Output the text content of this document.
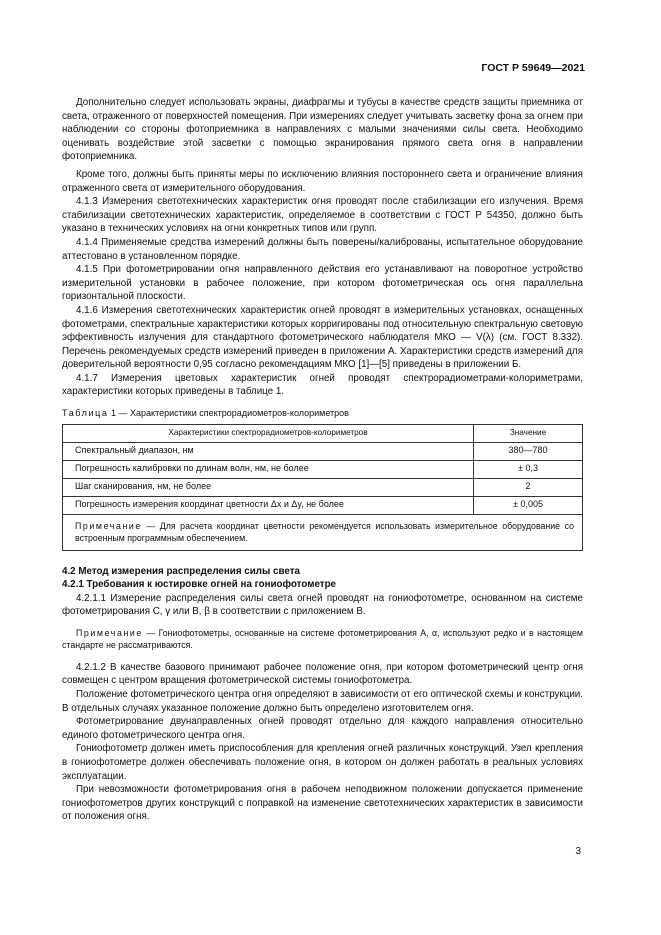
ГОСТ Р 59649—2021

Дополнительно следует использовать экраны, диафрагмы и тубусы в качестве средств защиты приемника от света, отраженного от поверхностей помещения. При измерениях следует учитывать засветку фона за огнем при наблюдении со стороны фотоприемника в направлениях с малыми значениями силы света. Необходимо оценивать воздействие этой засветки с помощью экранирования прямого света огня в направлении фотоприемника.

Кроме того, должны быть приняты меры по исключению влияния постороннего света и ограничение влияния отраженного света от измерительного оборудования.

4.1.3 Измерения светотехнических характеристик огня проводят после стабилизации его излучения. Время стабилизации светотехнических характеристик, определяемое в соответствии с ГОСТ Р 54350, должно быть указано в технических условиях на огни конкретных типов или групп.

4.1.4 Применяемые средства измерений должны быть поверены/калиброваны, испытательное оборудование аттестовано в установленном порядке.

4.1.5 При фотометрировании огня направленного действия его устанавливают на поворотное устройство измерительной установки в рабочее положение, при котором фотометрическая ось огня параллельна горизонтальной плоскости.

4.1.6 Измерения светотехнических характеристик огней проводят в измерительных установках, оснащенных фотометрами, спектральные характеристики которых корригированы под относительную спектральную световую эффективность излучения для стандартного фотометрического наблюдателя МКО — V(λ) (см. ГОСТ 8.332). Перечень рекомендуемых средств измерений приведен в приложении А. Характеристики средств измерений для доверительной вероятности 0,95 согласно рекомендациям МКО [1]—[5] приведены в приложении Б.

4.1.7 Измерения цветовых характеристик огней проводят спектрорадиометрами-колориметрами, характеристики которых приведены в таблице 1.

Таблица 1 — Характеристики спектрорадиометров-колориметров
Характеристики спектрорадиометров-колориметров	Значение
Спектральный диапазон, нм	380—780
Погрешность калибровки по длинам волн, нм, не более	± 0,3
Шаг сканирования, нм, не более	2
Погрешность измерения координат цветности Δx и Δy, не более	± 0,005
Примечание — Для расчета координат цветности рекомендуется использовать измерительное оборудование со встроенным программным обеспечением.	

4.2 Метод измерения распределения силы света

4.2.1 Требования к юстировке огней на гониофотометре

4.2.1.1 Измерение распределения силы света огней проводят на гониофотометре, основанном на системе фотометрирования C, γ или B, β в соответствии с приложением В.

Примечание — Гониофотометры, основанные на системе фотометрирования A, α, используют редко и в настоящем стандарте не рассматриваются.

4.2.1.2 В качестве базового принимают рабочее положение огня, при котором фотометрический центр огня совмещен с центром вращения фотометрической системы гониофотометра.

Положение фотометрического центра огня определяют в зависимости от его оптической схемы и конструкции. В отдельных случаях указанное положение должно быть определено изготовителем огня.

Фотометрирование двунаправленных огней проводят отдельно для каждого направления относительно единого фотометрического центра огня.

Гониофотометр должен иметь приспособления для крепления огней различных конструкций. Узел крепления в гониофотометре должен обеспечивать положение огня, в котором он должен работать в реальных условиях эксплуатации.

При невозможности фотометрирования огня в рабочем неподвижном положении допускается применение гониофотометров других конструкций с поправкой на изменение светотехнических характеристик в зависимости от положения огня.

3
